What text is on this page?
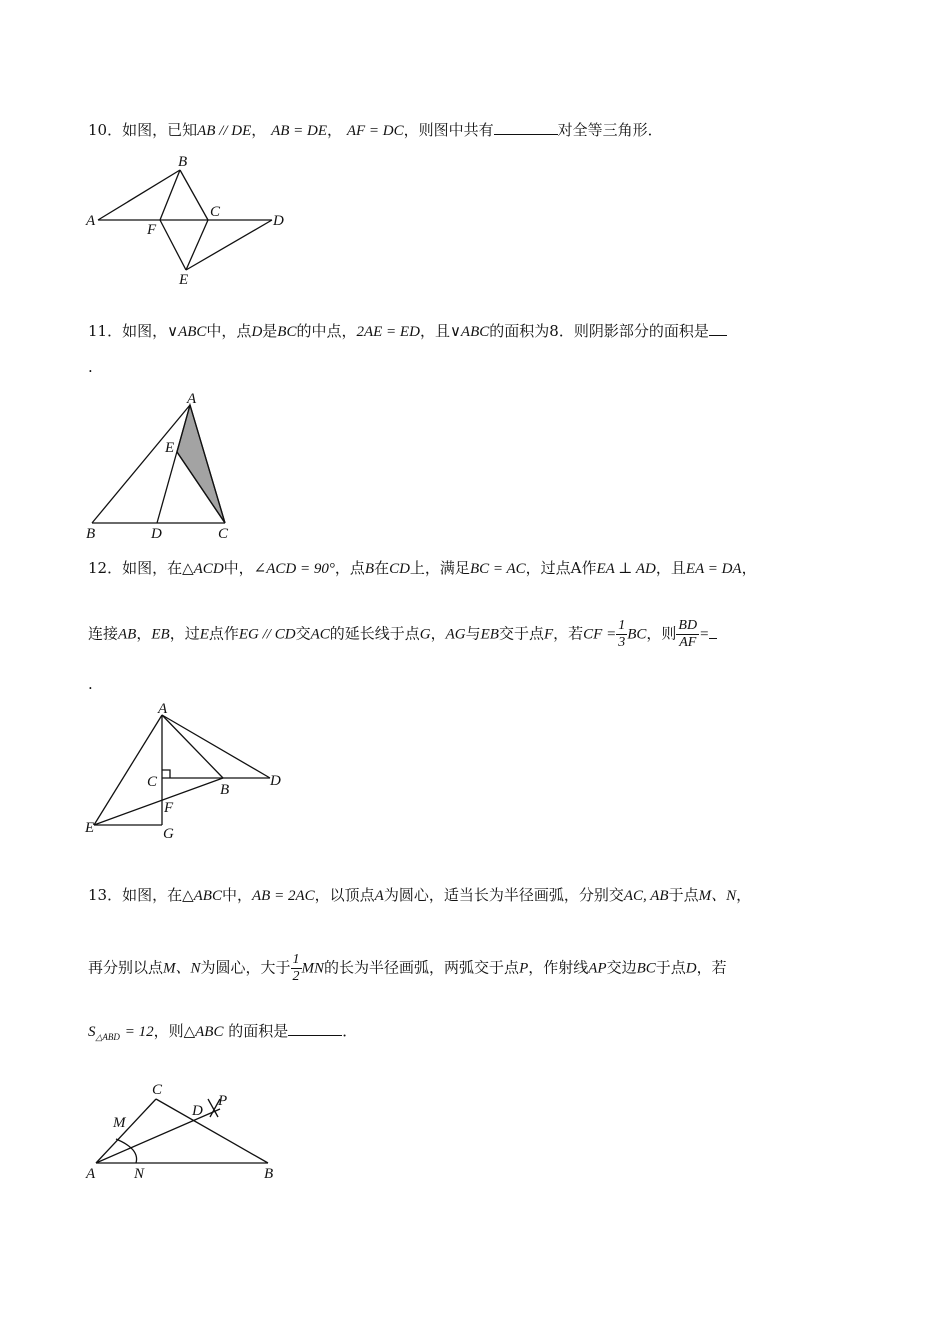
10．如图，已知AB // DE， AB = DE， AF = DC，则图中共有	对全等三角形．
A
B
C
D
E
F
11．如图，∨ABC中，点D是BC的中点，2AE = ED，且∨ABC的面积为8．则阴影部分的面积是
.
A
E
B	D	C
12．如图，在△ACD中，∠ACD = 90°，点B在CD上，满足BC = AC，过点A作EA ⊥ AD，且EA = DA，
连接AB，EB，过E点作EG // CD交AC的延长线于点G，AG与EB交于点F，若CF = $\frac{1}{3}$ BC，则 $\frac{BD}{AF}$ =
.
A
C	B
D
F
E	G
13．如图，在△ABC中，AB = 2AC，以顶点A为圆心，适当长为半径画弧，分别交AC, AB于点M、N，
再分别以点M、N为圆心，大于 $\frac{1}{2}$ MN的长为半径画弧，两弧交于点P，作射线AP交边BC于点D，若
$S_{\triangle ABD} = 12$，则△ABC 的面积是	．
C
M
D
P
A	N	B
